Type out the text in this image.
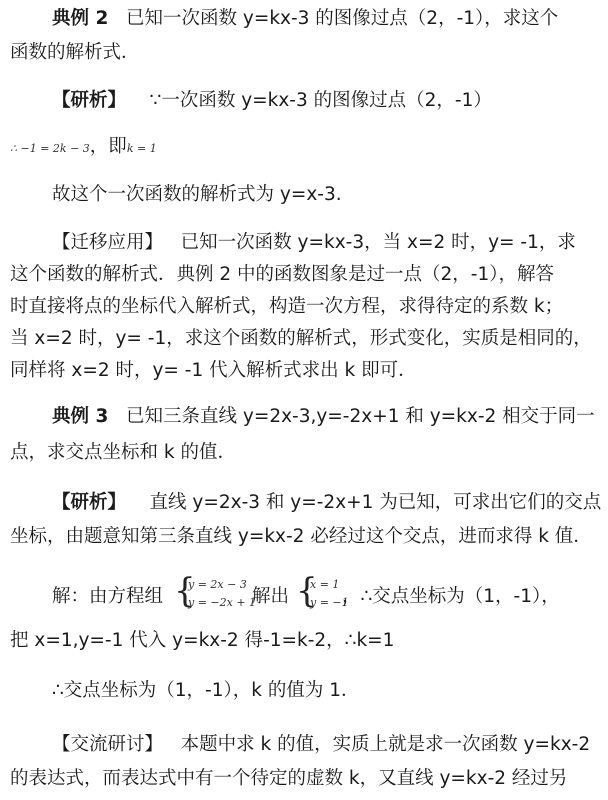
典例 2 已知一次函数 y=kx-3 的图像过点（2，-1），求这个
函数的解析式．
【研析】 ∵一次函数 y=kx-3 的图像过点（2，-1）
∴ −1 = 2k − 3，即k = 1
故这个一次函数的解析式为 y=x-3.
【迁移应用】 已知一次函数 y=kx-3，当 x=2 时，y= -1，求
这个函数的解析式．典例 2 中的函数图象是过一点（2，-1），解答
时直接将点的坐标代入解析式，构造一次方程，求得待定的系数 k；
当 x=2 时，y= -1，求这个函数的解析式，形式变化，实质是相同的，
同样将 x=2 时，y= -1 代入解析式求出 k 即可．
典例 3 已知三条直线 y=2x-3,y=-2x+1 和 y=kx-2 相交于同一
点，求交点坐标和 k 的值．
【研析】 直线 y=2x-3 和 y=-2x+1 为已知，可求出它们的交点
坐标，由题意知第三条直线 y=kx-2 必经过这个交点，进而求得 k 值．
解：由方程组 {
y = 2x − 3
y = −2x + 1
解出 {
x = 1
y = −1
，∴交点坐标为（1，-1），
把 x=1,y=-1 代入 y=kx-2 得-1=k-2，∴k=1
∴交点坐标为（1，-1），k 的值为 1．
【交流研讨】 本题中求 k 的值，实质上就是求一次函数 y=kx-2
的表达式，而表达式中有一个待定的虚数 k，又直线 y=kx-2 经过另
